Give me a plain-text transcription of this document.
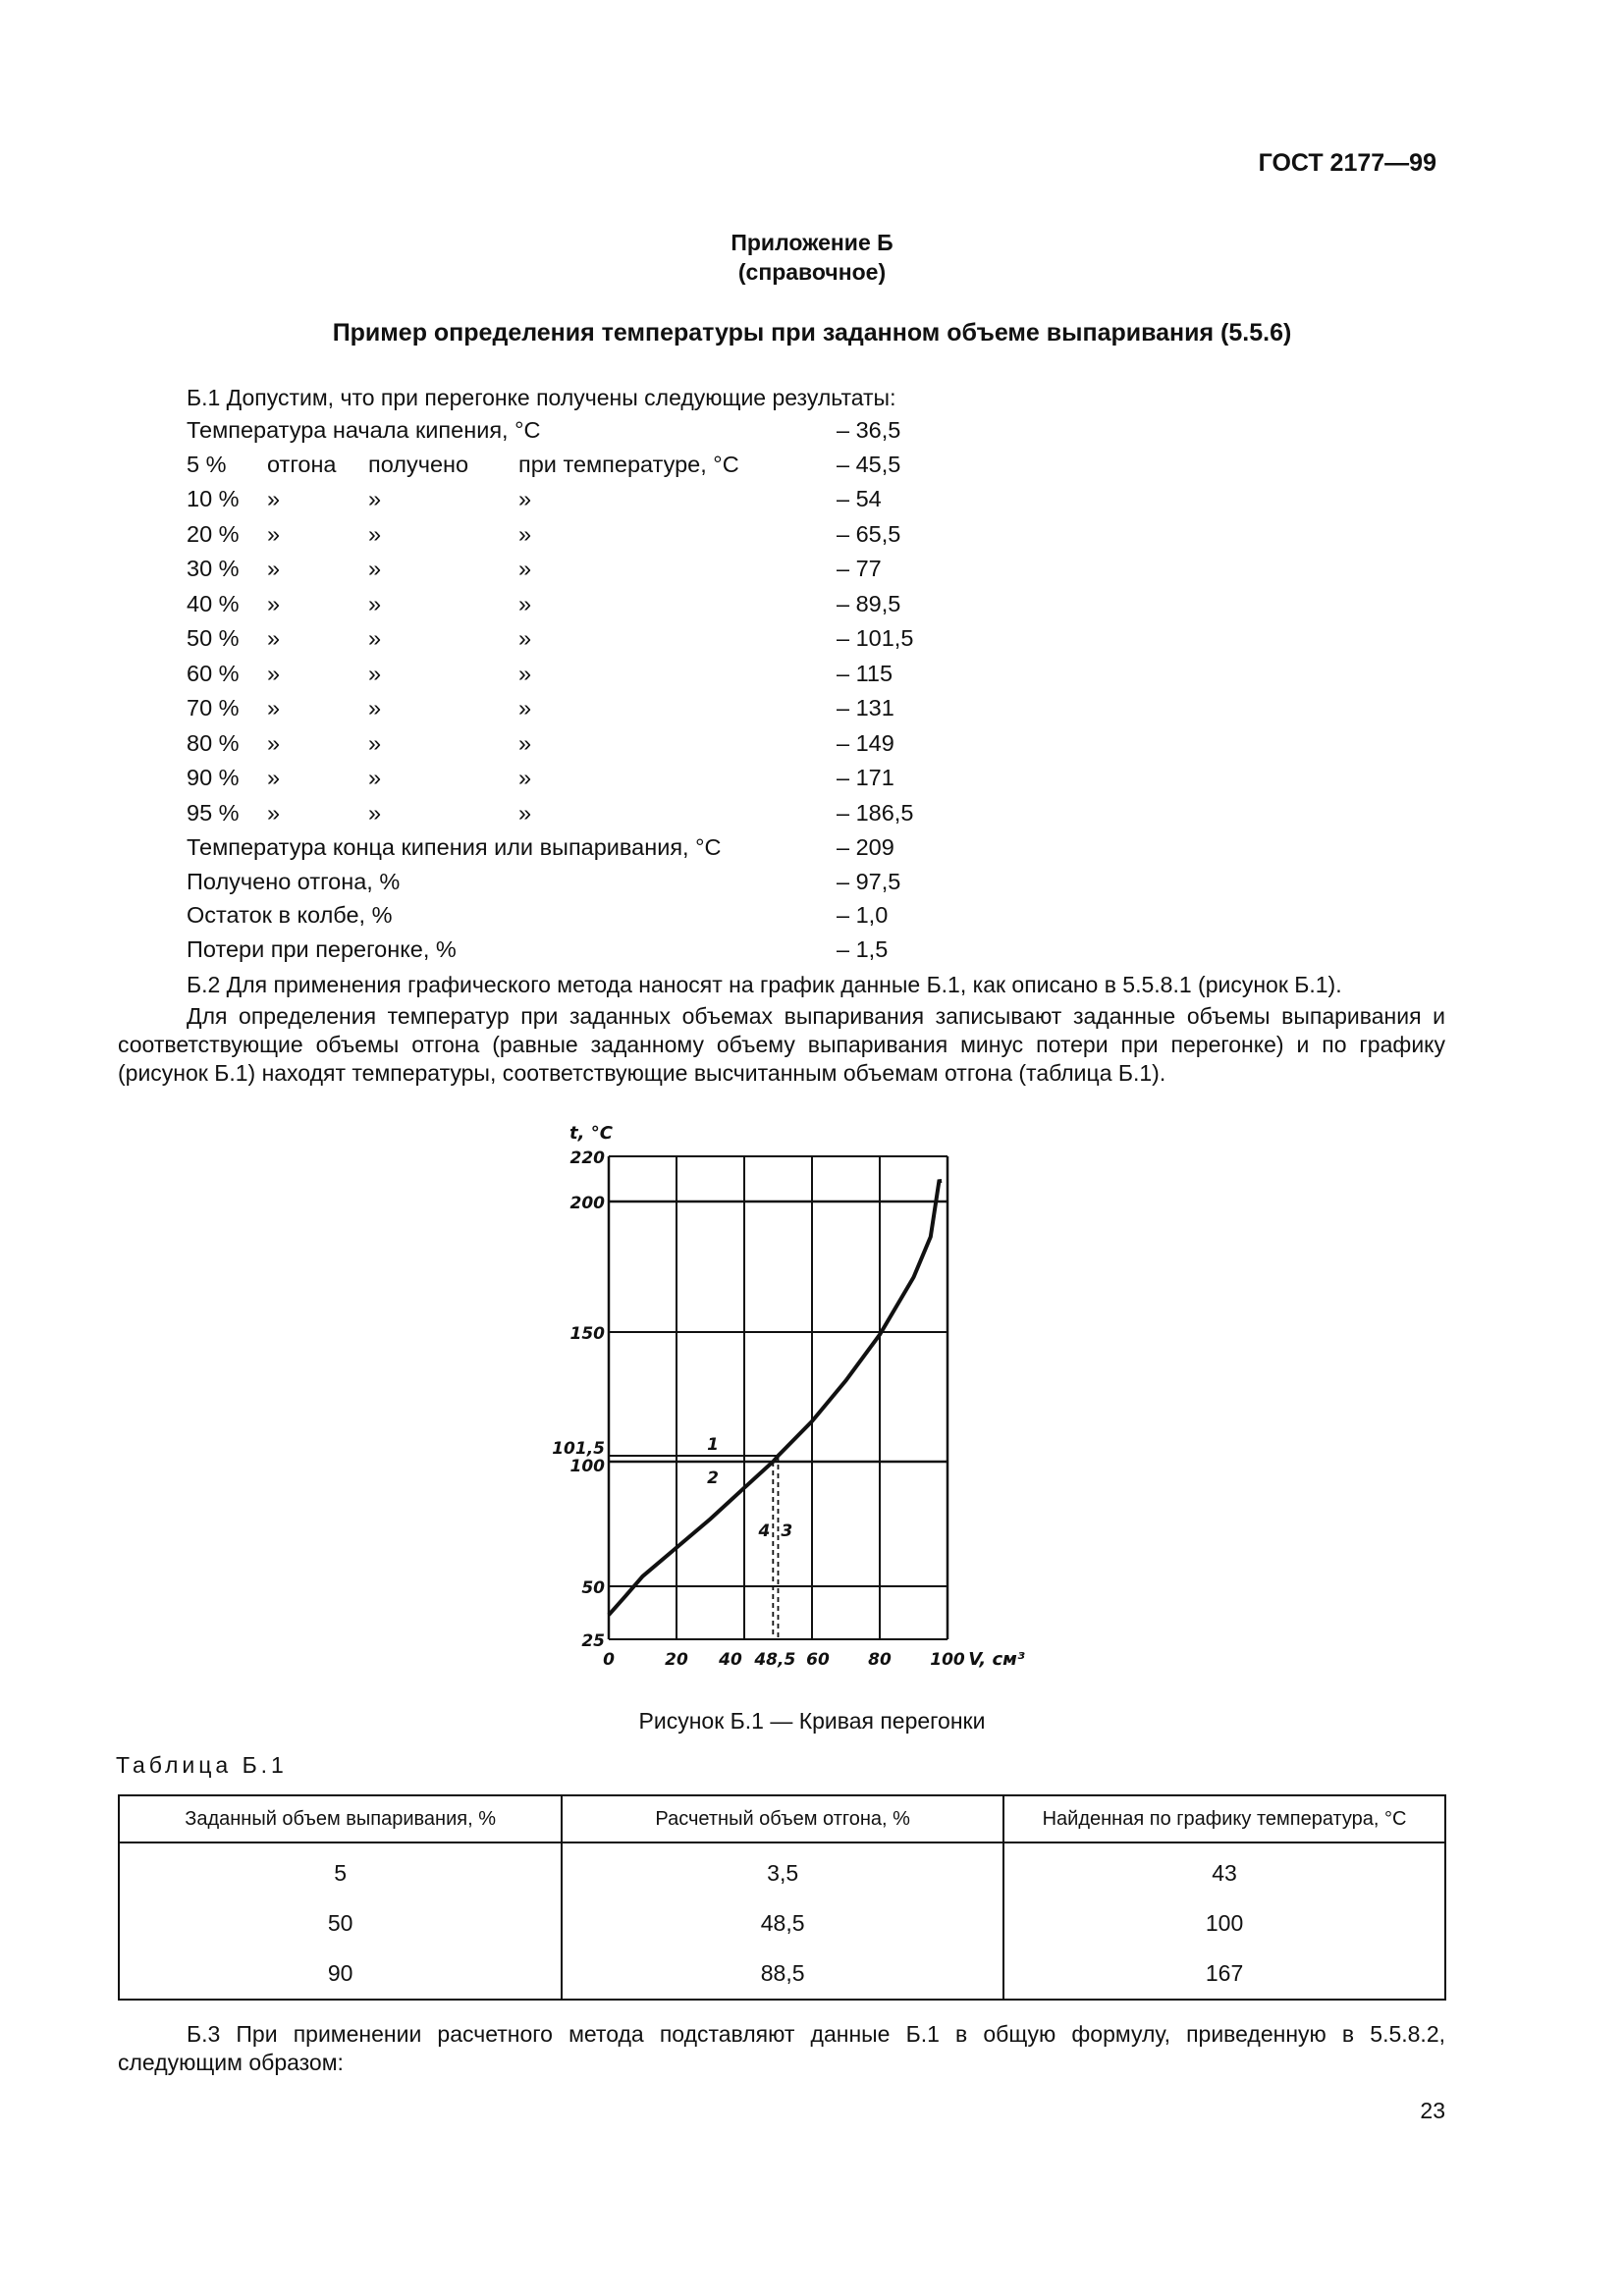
ГОСТ 2177—99
Приложение Б
(справочное)
Пример определения температуры при заданном объеме выпаривания (5.5.6)
Б.1 Допустим, что при перегонке получены следующие результаты:
Температура начала кипения, °С	– 36,5
5 % отгона получено при температуре, °С	– 45,5
10 % »	»	»	– 54
20 % »	»	»	– 65,5
30 % »	»	»	– 77
40 % »	»	»	– 89,5
50 % »	»	»	– 101,5
60 % »	»	»	– 115
70 % »	»	»	– 131
80 % »	»	»	– 149
90 % »	»	»	– 171
95 % »	»	»	– 186,5
Температура конца кипения или выпаривания, °С	– 209
Получено отгона, %	– 97,5
Остаток в колбе, %	– 1,0
Потери при перегонке, %	– 1,5
Б.2 Для применения графического метода наносят на график данные Б.1, как описано в 5.5.8.1 (рисунок Б.1).
Для определения температур при заданных объемах выпаривания записывают заданные объемы выпаривания и соответствующие объемы отгона (равные заданному объему выпаривания минус потери при перегонке) и по графику (рисунок Б.1) находят температуры, соответствующие высчитанным объемам отгона (таблица Б.1).
25
50
100
101,5
150
200
220
0	20 40 48,5 60 80 100
t, °C
V, см³
1
2
3
4
Рисунок Б.1 — Кривая перегонки
Таблица Б.1
Заданный объем выпаривания, %	Расчетный объем отгона, %	Найденная по графику температура, °С
5	3,5	43
50	48,5	100
90	88,5	167
Б.3 При применении расчетного метода подставляют данные Б.1 в общую формулу, приведенную в 5.5.8.2, следующим образом:
23
